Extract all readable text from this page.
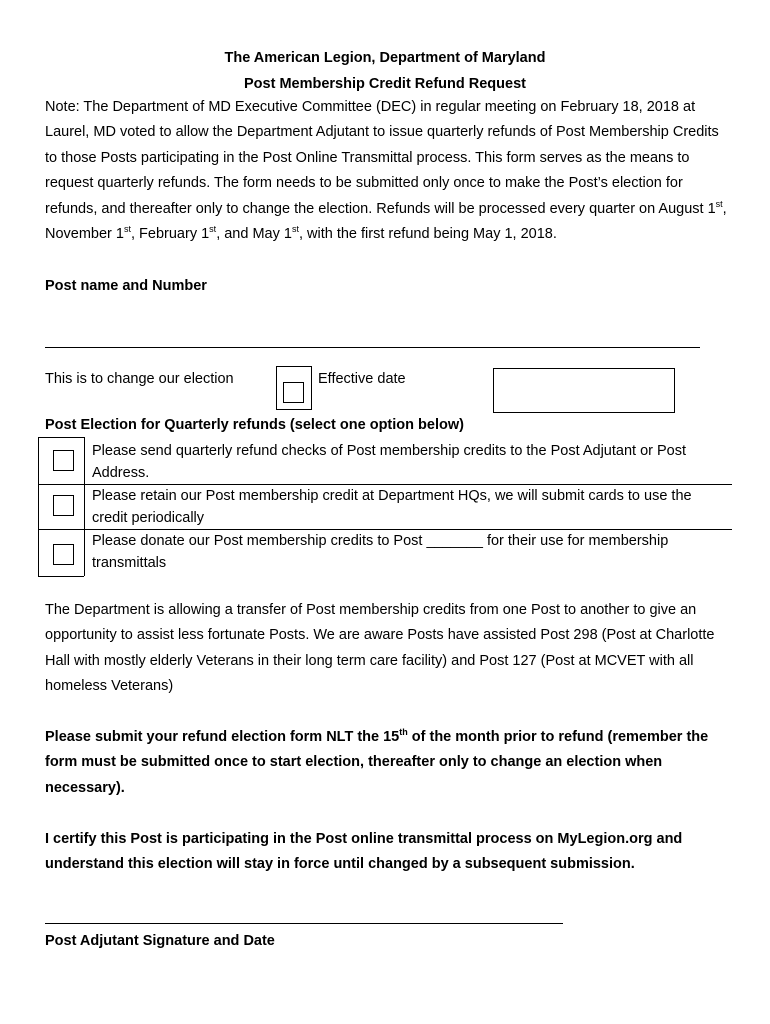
The American Legion, Department of Maryland
Post Membership Credit Refund Request
Note: The Department of MD Executive Committee (DEC) in regular meeting on February 18, 2018 at Laurel, MD voted to allow the Department Adjutant to issue quarterly refunds of Post Membership Credits to those Posts participating in the Post Online Transmittal process. This form serves as the means to request quarterly refunds. The form needs to be submitted only once to make the Post’s election for refunds, and thereafter only to change the election. Refunds will be processed every quarter on August 1st, November 1st, February 1st, and May 1st, with the first refund being May 1, 2018.
Post name and Number
This is to change our election	Effective date
Post Election for Quarterly refunds (select one option below)
Please send quarterly refund checks of Post membership credits to the Post Adjutant or Post Address.
Please retain our Post membership credit at Department HQs, we will submit cards to use the credit periodically
Please donate our Post membership credits to Post _______ for their use for membership transmittals
The Department is allowing a transfer of Post membership credits from one Post to another to give an opportunity to assist less fortunate Posts. We are aware Posts have assisted Post 298 (Post at Charlotte Hall with mostly elderly Veterans in their long term care facility) and Post 127 (Post at MCVET with all homeless Veterans)
Please submit your refund election form NLT the 15th of the month prior to refund (remember the form must be submitted once to start election, thereafter only to change an election when necessary).
I certify this Post is participating in the Post online transmittal process on MyLegion.org and understand this election will stay in force until changed by a subsequent submission.
Post Adjutant Signature and Date
